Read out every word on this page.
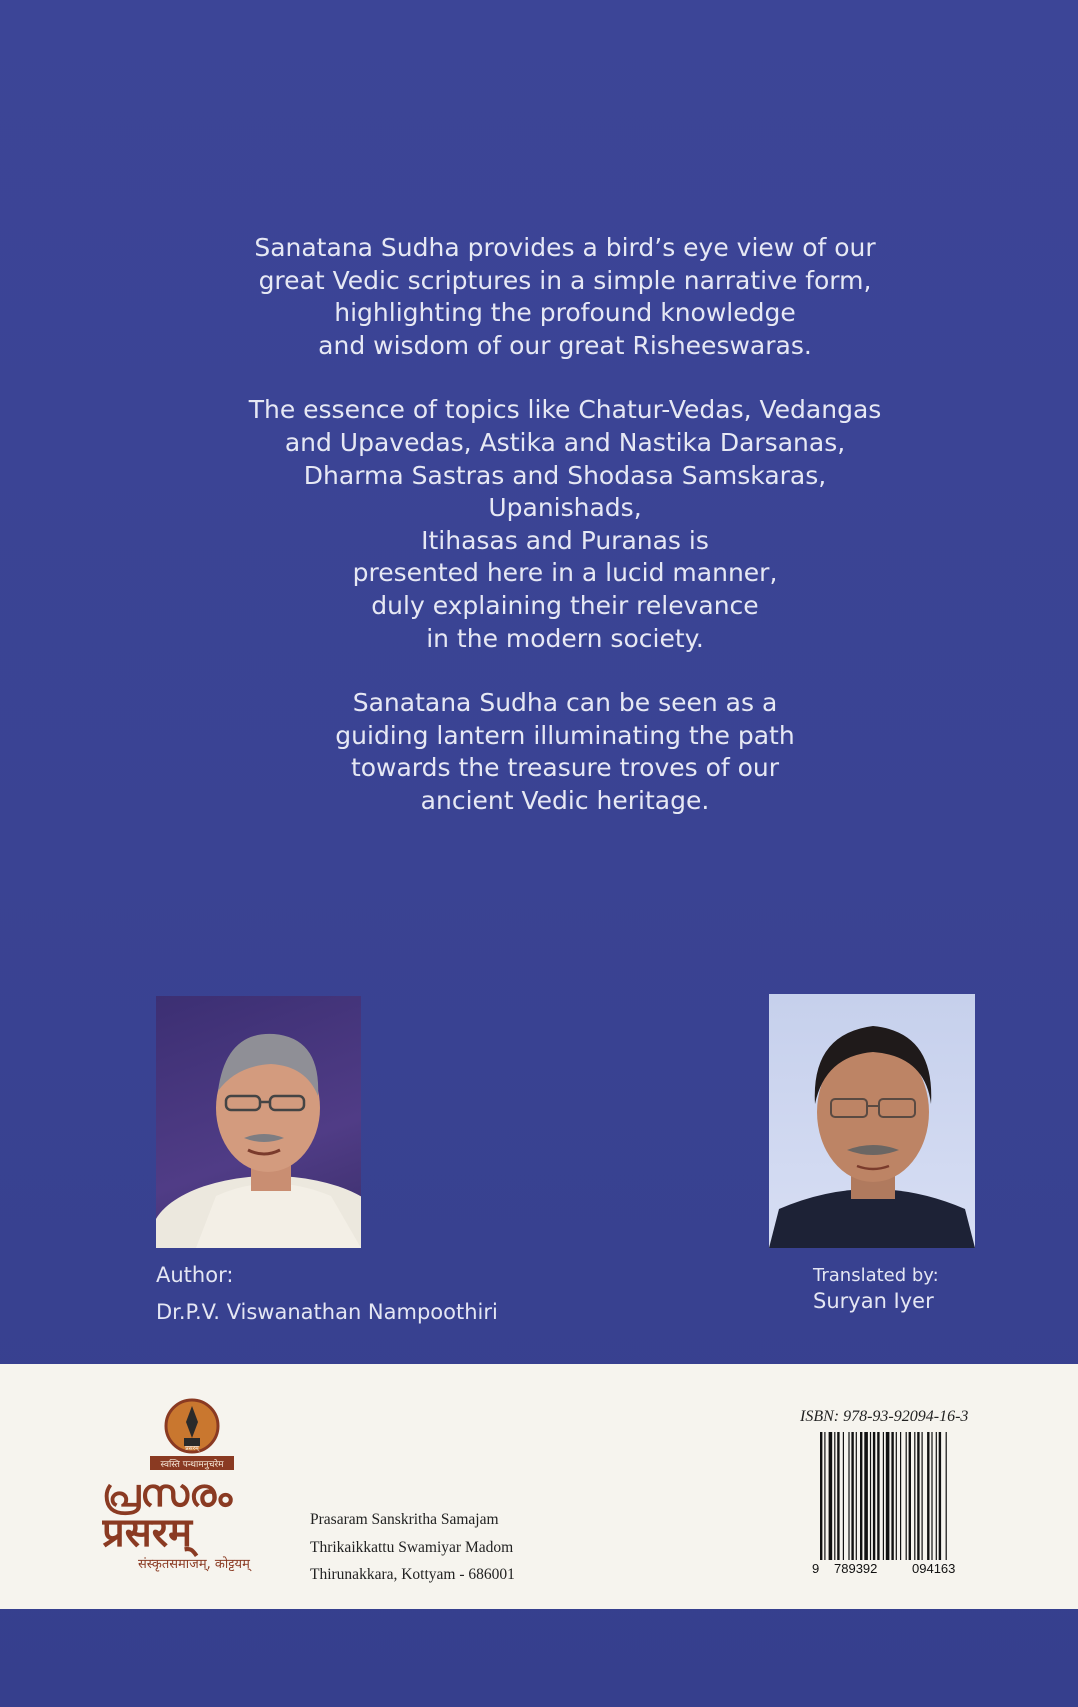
Sanatana Sudha provides a bird’s eye view of our
great Vedic scriptures in a simple narrative form,
highlighting the profound knowledge
and wisdom of our great Risheeswaras.

The essence of topics like Chatur-Vedas, Vedangas
and Upavedas, Astika and Nastika Darsanas,
Dharma Sastras and Shodasa Samskaras,
Upanishads,
Itihasas and Puranas is
presented here in a lucid manner,
duly explaining their relevance
in the modern society.

Sanatana Sudha can be seen as a
guiding lantern illuminating the path
towards the treasure troves of our
ancient Vedic heritage.

Author:
Dr.P.V. Viswanathan Nampoothiri
Translated by:
Suryan Iyer
प्रसरम्
स्वस्ति पन्थामनुचरेम
പ്രസരം
प्रसरम्
संस्कृतसमाजम्, कोट्टयम्
Prasaram Sanskritha Samajam
Thrikaikkattu Swamiyar Madom
Thirunakkara, Kottyam - 686001
ISBN: 978-93-92094-16-3
9 789392	094163
